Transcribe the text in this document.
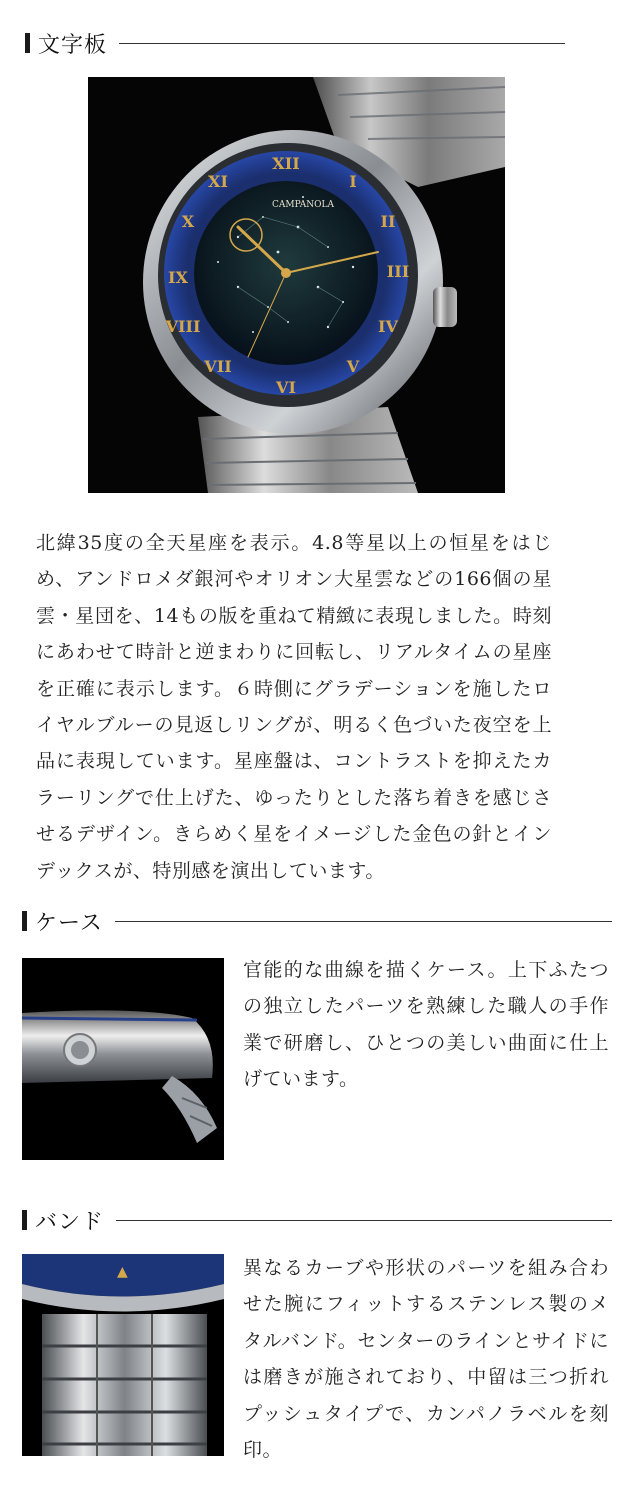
文字板
XII
III
VI
IX
I
II
IV
V
VII
VIII
X
XI
CAMPANOLA
北緯35度の全天星座を表示。4.8等星以上の恒星をはじめ、アンドロメダ銀河やオリオン大星雲などの166個の星雲・星団を、14もの版を重ねて精緻に表現しました。時刻にあわせて時計と逆まわりに回転し、リアルタイムの星座を正確に表示します。６時側にグラデーションを施したロイヤルブルーの見返しリングが、明るく色づいた夜空を上品に表現しています。星座盤は、コントラストを抑えたカラーリングで仕上げた、ゆったりとした落ち着きを感じさせるデザイン。きらめく星をイメージした金色の針とインデックスが、特別感を演出しています。
ケース
官能的な曲線を描くケース。上下ふたつの独立したパーツを熟練した職人の手作業で研磨し、ひとつの美しい曲面に仕上げています。
バンド
▲	異なるカーブや形状のパーツを組み合わせた腕にフィットするステンレス製のメタルバンド。センターのラインとサイドには磨きが施されており、中留は三つ折れプッシュタイプで、カンパノラベルを刻印。
